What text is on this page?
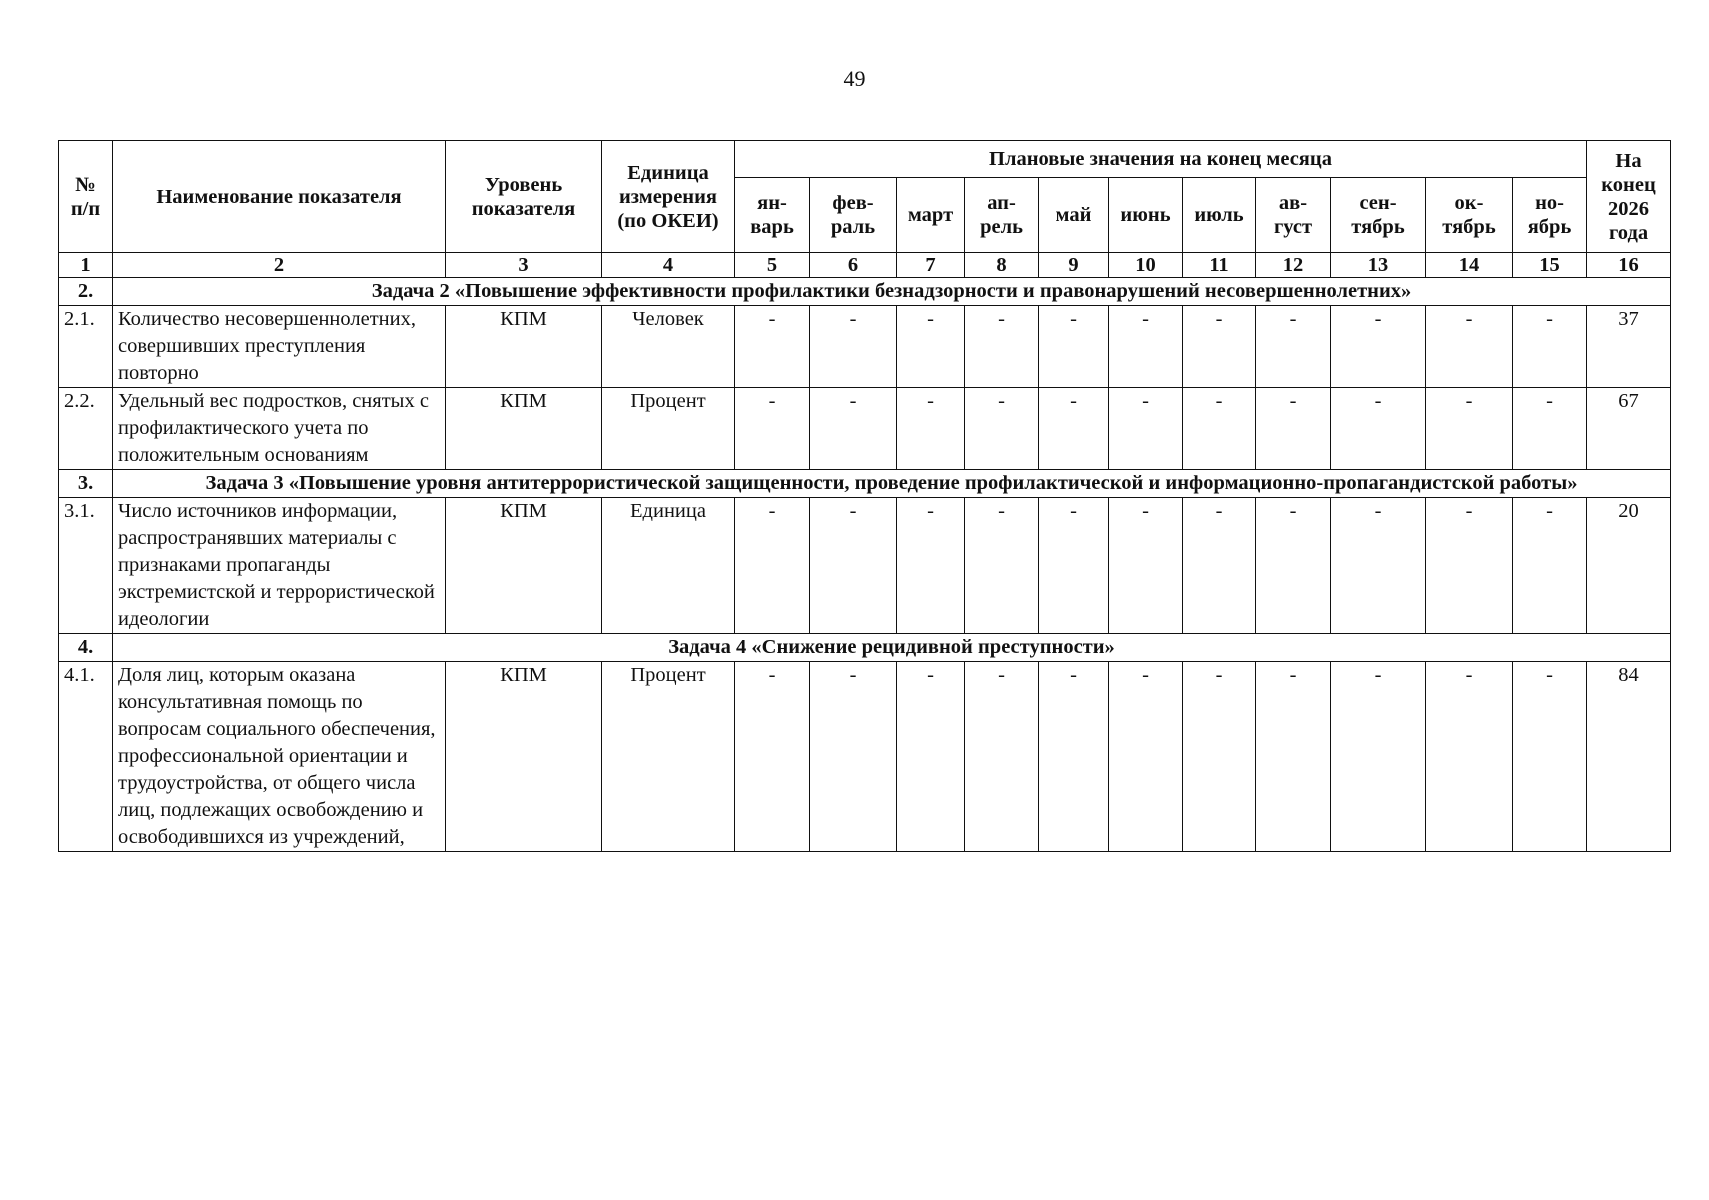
49
№ п/п	Наименование показателя	Уровень показателя	Единица измерения (по ОКЕИ)	Плановые значения на конец месяца											На конец 2026 года
				ян-варь	фев-раль	март	ап-рель	май	июнь	июль	ав-густ	сен-тябрь	ок-тябрь	но-ябрь	
1	2	3	4	5	6	7	8	9	10	11	12	13	14	15	16
2.	Задача 2 «Повышение эффективности профилактики безнадзорности и правонарушений несовершеннолетних»														
2.1.	Количество несовершеннолетних, совершивших преступления повторно	КПМ	Человек	-	-	-	-	-	-	-	-	-	-	-	37
2.2.	Удельный вес подростков, снятых с профилактического учета по положительным основаниям	КПМ	Процент	-	-	-	-	-	-	-	-	-	-	-	67
3.	Задача 3 «Повышение уровня антитеррористической защищенности, проведение профилактической и информационно-пропагандистской работы»														
3.1.	Число источников информации, распространявших материалы с признаками пропаганды экстремистской и террористической идеологии	КПМ	Единица	-	-	-	-	-	-	-	-	-	-	-	20
4.	Задача 4 «Снижение рецидивной преступности»														
4.1.	Доля лиц, которым оказана консультативная помощь по вопросам социального обеспечения, профессиональной ориентации и трудоустройства, от общего числа лиц, подлежащих освобождению и освободившихся из учреждений,	КПМ	Процент	-	-	-	-	-	-	-	-	-	-	-	84
